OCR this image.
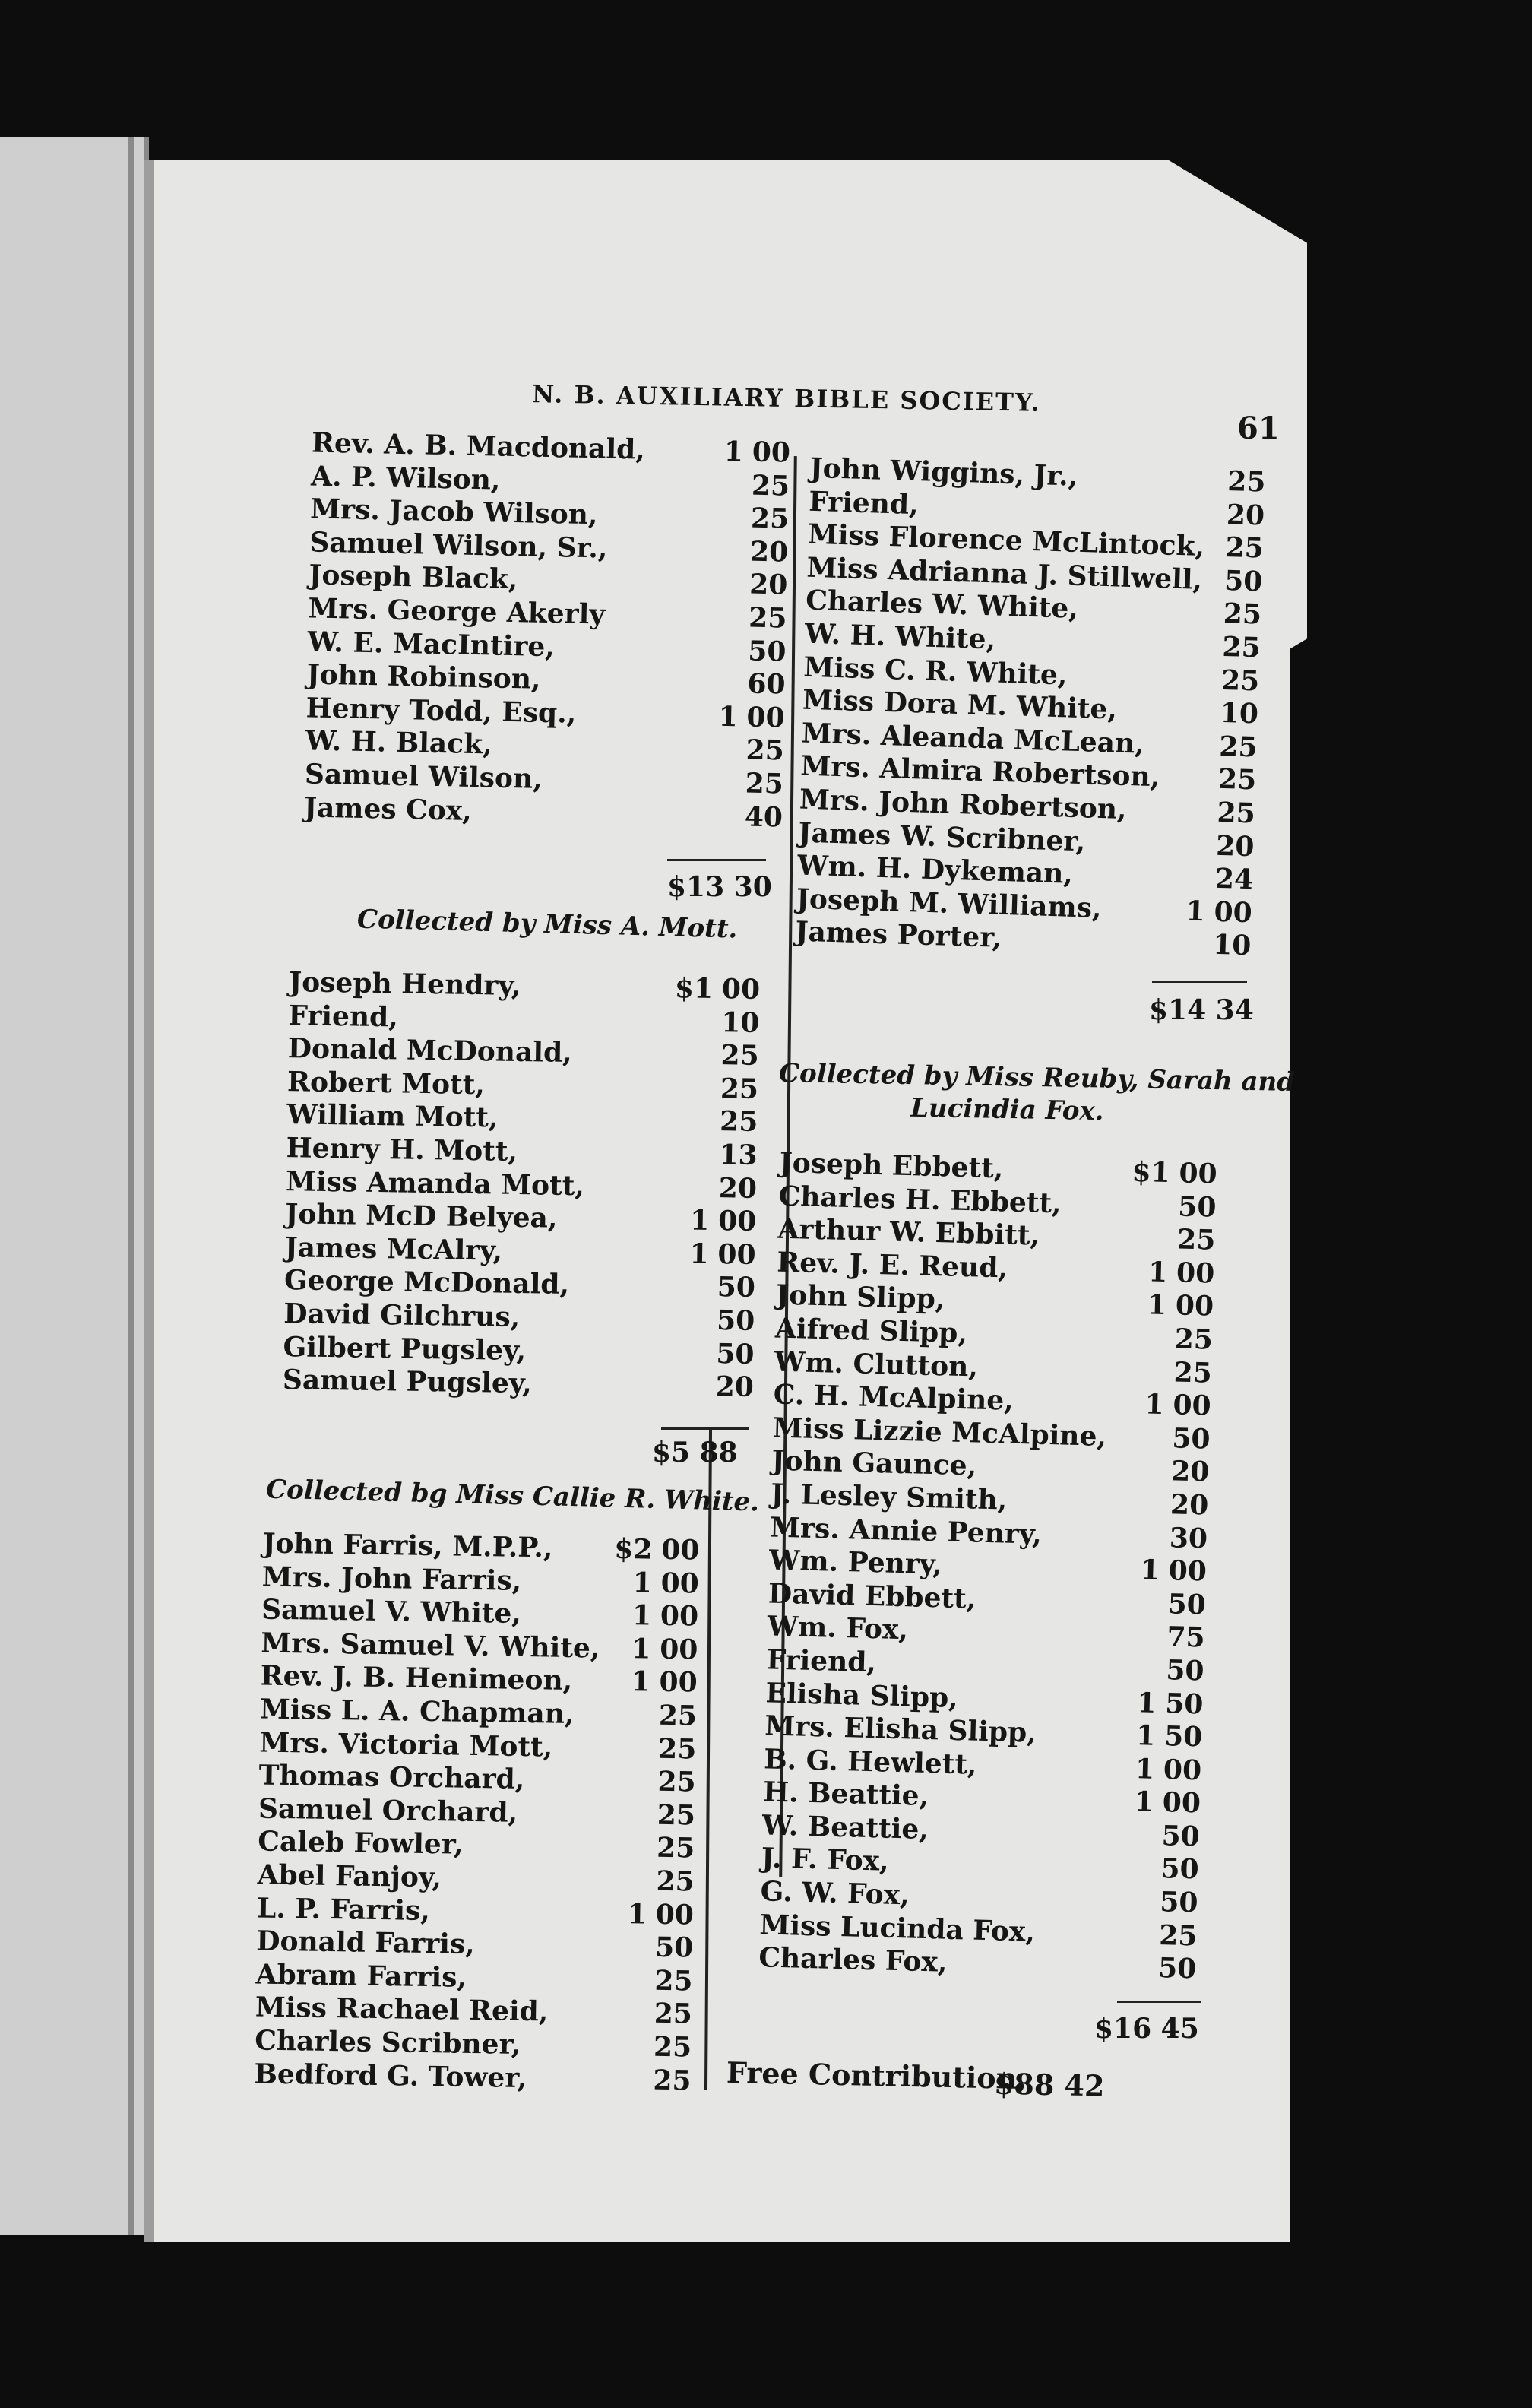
N. B. AUXILIARY BIBLE SOCIETY.
61
Rev. A. B. Macdonald,	1 00
A. P. Wilson,	25
Mrs. Jacob Wilson,	25
Samuel Wilson, Sr.,	20
Joseph Black,	20
Mrs. George Akerly	25
W. E. MacIntire,	50
John Robinson,	60
Henry Todd, Esq.,	1 00
W. H. Black,	25
Samuel Wilson,	25
James Cox,	40
$13 30
Collected by Miss A. Mott.
Joseph Hendry,	$1 00
Friend,	10
Donald McDonald,	25
Robert Mott,	25
William Mott,	25
Henry H. Mott,	13
Miss Amanda Mott,	20
John McD Belyea,	1 00
James McAlry,	1 00
George McDonald,	50
David Gilchrus,	50
Gilbert Pugsley,	50
Samuel Pugsley,	20
$5 88
Collected bg Miss Callie R. White.
John Farris, M.P.P., $2 00
Mrs. John Farris,	1 00
Samuel V. White,	1 00
Mrs. Samuel V. White, 1 00
Rev. J. B. Henimeon, 1 00
Miss L. A. Chapman,	25
Mrs. Victoria Mott,	25
Thomas Orchard,	25
Samuel Orchard,	25
Caleb Fowler,	25
Abel Fanjoy,	25
L. P. Farris,	1 00
Donald Farris,	50
Abram Farris,	25
Miss Rachael Reid,	25
Charles Scribner,	25
Bedford G. Tower,	25
John Wiggins, Jr.,	25
Friend,	20
Miss Florence McLintock, 25
Miss Adrianna J. Stillwell, 50
Charles W. White,	25
W. H. White,	25
Miss C. R. White,	25
Miss Dora M. White,	10
Mrs. Aleanda McLean,	25
Mrs. Almira Robertson, 25
Mrs. John Robertson,	25
James W. Scribner,	20
Wm. H. Dykeman,	24
Joseph M. Williams,	1 00
James Porter,	10
$14 34
Collected by Miss Reuby, Sarah and
Lucindia Fox.
Joseph Ebbett,	$1 00
Charles H. Ebbett,	50
Arthur W. Ebbitt,	25
Rev. J. E. Reud,	1 00
John Slipp,	1 00
Aifred Slipp,	25
Wm. Clutton,	25
C. H. McAlpine,	1 00
Miss Lizzie McAlpine, 50
John Gaunce,	20
J. Lesley Smith,	20
Mrs. Annie Penry,	30
Wm. Penry,	1 00
David Ebbett,	50
Wm. Fox,	75
Friend,	50
Elisha Slipp,	1 50
Mrs. Elisha Slipp,	1 50
B. G. Hewlett,	1 00
H. Beattie,	1 00
W. Beattie,	50
J. F. Fox,	50
G. W. Fox,	50
Miss Lucinda Fox,	25
Charles Fox,	50
$16 45
Free Contribution,
$88 42
